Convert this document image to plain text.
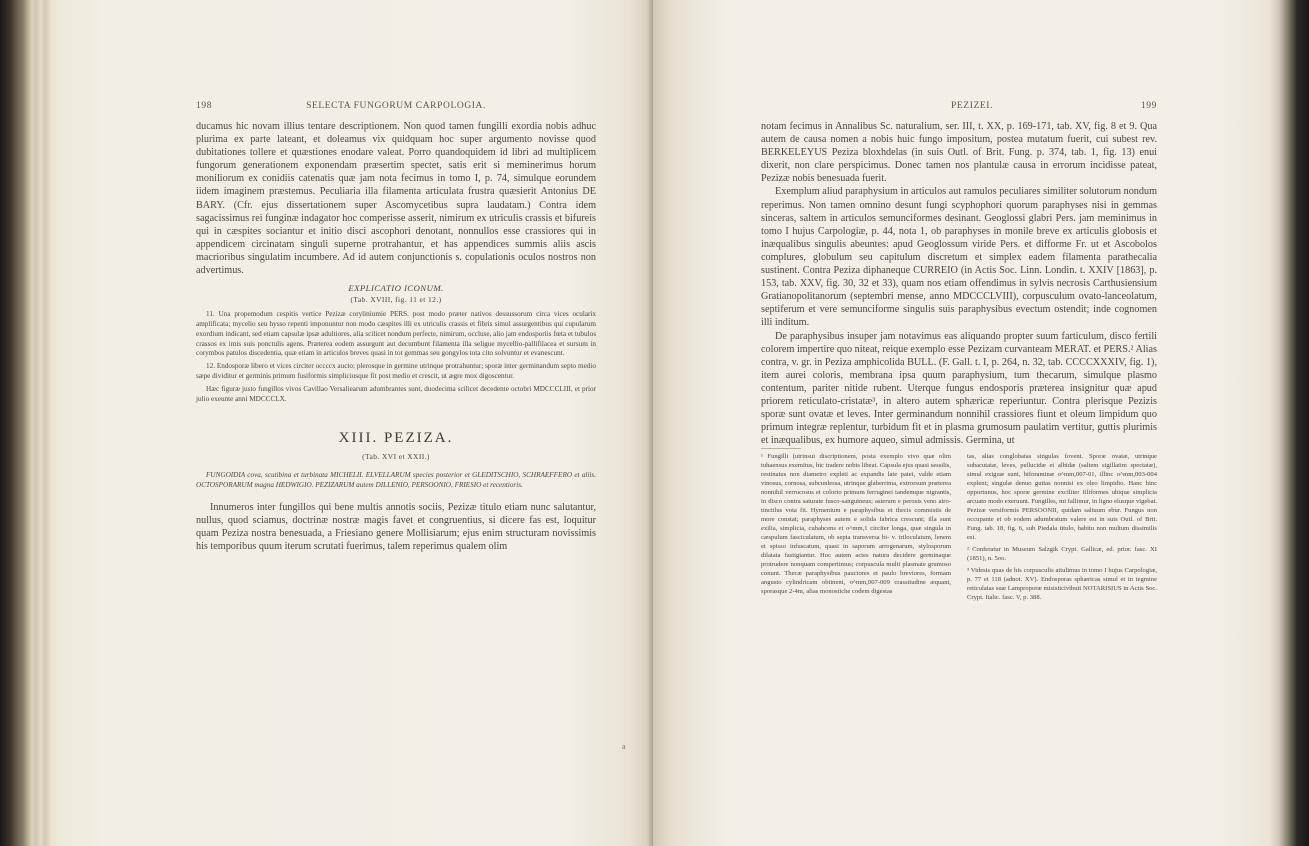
198	SELECTA FUNGORUM CARPOLOGIA.

ducamus hic novam illius tentare descriptionem. Non quod tamen fungilli exordia nobis adhuc plurima ex parte lateant, et doleamus vix quidquam hoc super argumento novisse quod dubitationes tollere et quæstiones enodare valeat. Porro quandoquidem id libri ad multiplicem fungorum generationem exponendam præsertim spectet, satis erit si meminerimus horum moniliorum ex conidiis catenatis quæ jam nota fecimus in tomo I, p. 74, simulque eorundem iidem imaginem præstemus. Peculiaria illa filamenta articulata frustra quæsierit Antonius DE BARY. (Cfr. ejus dissertationem super Ascomycetibus supra laudatam.) Contra idem sagacissimus rei funginæ indagator hoc comperisse asserit, nimirum ex utriculis crassis et bifureis qui in cæspites sociantur et initio disci ascophori denotant, nonnullos esse crassiores qui in appendicem circinatam singuli superne protrahantur, et has appendices summis aliis ascis macrioribus singulatim incumbere. Ad id autem conjunctionis s. copulationis oculos nostros non advertimus.

EXPLICATIO ICONUM.
(Tab. XVIII, fig. 11 et 12.)

11. Una propemodum cespitis vertice Pezizæ coryliniumie PERS. post modo præter nativos dessussorum circa vices ocularix amplificata; mycelio seu hysso repenti imponuntur non modo cæspites illi ex utriculis crassis et fibris simul assurgentibus qui cupularum exordium indicant, sed etiam capsulæ ipsæ adultiores, alia scilicet nondum perfecte, nimirum, occluse, alio jam endosporiis fœta et tubulos crassos ex imis suis ponctulis agens. Præterea eodem assurgunt aut decumbunt filamenta illa seligue mycellio-pallifilacea et sursum in corymbos patulos discedentia, quæ etiam in articulos breves quasi in tot gemmas seu gongylos tota cito solvuntur et evanescunt.

12. Endosporæ libero et vices circiter occccx aucto; plerosque in germine utrinque protrahuntur; sporæ inter germinandum septo medio sæpe dividitur et germinis primum fusiformis simpliciusque fit post medio et crescit, ut ægre mox digoscentur.

Hæc figuræ justo fungillos vivos Cavillao Versaliearum adumbrantes sunt, duodecima scilicet decedente octobri MDCCCLIII, et prior julio exeunte anni MDCCCLX.

XIII. PEZIZA.
(Tab. XVI et XXII.)

FUNGOIDIA cova, scutibina et turbinata MICHELII. ELVELLARUM species posterior et GLEDITSCHIO, SCHRAEFFERO et aliis. OCTOSPORARUM magna HEDWIGIO. PEZIZARUM autem DILLENIO, PERSOONIO, FRIESIO et recentioris.

Innumeros inter fungillos qui bene multis annotis sociis, Pezizæ titulo etiam nunc salutantur, nullus, quod sciamus, doctrinæ nostræ magis favet et congruentius, si dicere fas est, loquitur quam Peziza nostra benesuada, a Friesiano genere Mollisiarum; ejus enim structuram novissimis his temporibus quum iterum scrutati fuerimus, talem reperimus qualem olim

PEZIZEI.	199

notam fecimus in Annalibus Sc. naturalium, ser. III, t. XX, p. 169-171, tab. XV, fig. 8 et 9. Qua autem de causa nomen a nobis huic fungo impositum, postea mutatum fuerit, cui subest rev. BERKELEYUS Peziza bloxhdelas (in suis Outl. of Brit. Fung. p. 374, tab. 1, fig. 13) enui dixerit, non clare perspicimus. Donec tamen nos plantulæ causa in errorum incidisse pateat, Pezizæ nobis benesuada fuerit.

Exemplum aliud paraphysium in articulos aut ramulos peculiares similiter solutorum nondum reperimus. Non tamen omnino desunt fungi scyphophori quorum paraphyses nisi in gemmas sinceras, saltem in articulos semunciformes desinant. Geoglossi glabri Pers. jam meminimus in tomo I hujus Carpologiæ, p. 44, nota 1, ob paraphyses in monile breve ex articulis globosis et inæqualibus singulis abeuntes: apud Geoglossum viride Pers. et difforme Fr. ut et Ascobolos complures, globulum seu capitulum discretum et simplex eadem filamenta parathecalia sustinent. Contra Peziza diphaneque CURREIO (in Actis Soc. Linn. Londin. t. XXIV [1863], p. 153, tab. XXV, fig. 30, 32 et 33), quam nos etiam offendimus in sylvis necrosis Carthusiensium Gratianopolitanorum (septembri mense, anno MDCCCLVIII), corpusculum ovato-lanceolatum, septiferum et vere semunciforme singulis suis paraphysibus evectum ostendit; inde cognomen illi inditum.

De paraphysibus insuper jam notavimus eas aliquando propter suum farticulum, disco fertili colorem impertire quo niteat, reique exemplo esse Pezizam curvanteam MERAT. et PERS.² Alias contra, v. gr. in Peziza amphicolida BULL. (F. Gall. t. I, p. 264, n. 32, tab. CCCCXXXIV, fig. 1), item aurei coloris, membrana ipsa quum paraphysium, tum thecarum, simulque plasmo contentum, pariter nitide rubent. Uterque fungus endosporis præterea insignitur quæ apud priorem reticulato-cristatæ³, in altero autem sphæricæ reperiuntur. Contra plerisque Pezizis sporæ sunt ovatæ et leves. Inter germinandum nonnihil crassiores fiunt et oleum limpidum quo primum integræ replentur, turbidum fit et in plasma grumosum paulatim vertitur, guttis plurimis et inæqualibus, ex humore aqueo, simul admissis. Germina, ut

¹ Fungilli (utrinsui discriptionem, posta exemplo vivo quæ olim tuhaensus exemitus, hic tradere nobis libeat. Capsula ejus quasi sessilis, restinatus non diametro expleti ac expandis late patet, valde etiam vinosus, cornosa, subcunlessa, utrinque glaberrima, extrorsum præterea nonnihil verrucosus et colorio primum ferruginei tandemque nigrantis, in disco contra saturate fusco-sanguineus; asterum e perosis veno atro-tinctilus vota fit. Hymenium e paraphysibus et thecis commistis de more constat; paraphyses autem e solida fabrica crescunt; illa sunt exilia, simplicia, cubahcens et o^mm,1 circiter longa, quæ singula in cæspulum fasciculatum, ob septa transversa bi- v. triloculatum, lenem et spisso infuscatum, quasi in saporum arrogenarum, stylosporum dilatata fastigiantur. Hoc autem actes natura decidere germinaque protrudere nonquam compertimus; corpuscula multi plasmate grumoso conunt. Thecæ paraphysibus pauciores et paulo breviores, formam angusto cylindricam obtinent, o^mm,007-009 crassitudine æquant, sporasque 2-4m, alias monostiche codem digestas
tas, alias conglobatas singulas fovent. Sporæ ovatæ, utrinque subacutatæ, leves, pellucidæ et albidæ (saltem sigillatim spectatæ), simul exiguæ sunt, biforaminæ o^mm,007-01, illinc o^mm,003-004 explent; singulæ denuo guttas nonnisi ex oleo limpidio. Hanc hinc opportunus, hoc sporæ germine exciliter filiformes ubique simplicia arcuato modo exeruunt. Fungilles, mi fallimur, in ligno elusque vigebat. Pezizæ versiformis PERSOONII, quidam saltuum ebur. Fungus non occupante et ob eodem adumbratum valere est in suis Outl. of Brit. Fung. tab. 18, fig. 6, sub Piedala titulo, habitu non multum dissimilis est.
² Conferatur in Museum Salzgik Crypt. Gallicæ, ed. prior. fasc. XI (1851), n. 5oo.
³ Videsis quas de his corpusculis attulimus in tomo I hujus Carpologiæ, p. 77 et 118 (adnot. XV). Endosporas sphæricas simul et in tegmine reticulatas suæ Lamproporæ misisticivibuit NOTARISIUS in Actis Soc. Crypt. Italic. fasc. V, p. 388.
a
